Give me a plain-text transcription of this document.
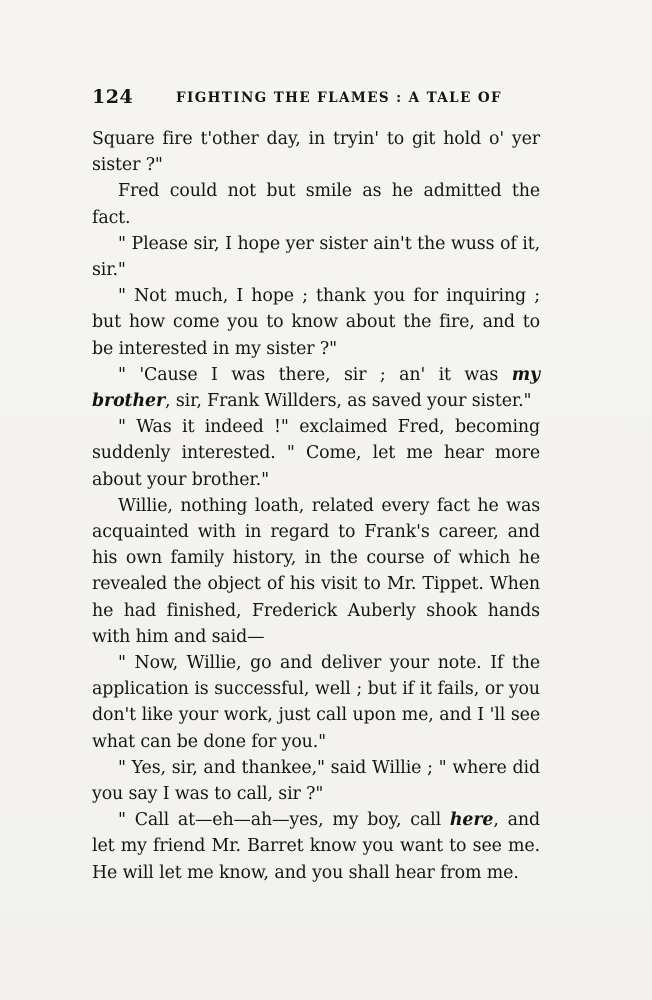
124	FIGHTING THE FLAMES : A TALE OF

Square fire t'other day, in tryin' to git hold o' yer sister ?"

Fred could not but smile as he admitted the fact.

" Please sir, I hope yer sister ain't the wuss of it, sir."

" Not much, I hope ; thank you for inquiring ; but how come you to know about the fire, and to be interested in my sister ?"

" 'Cause I was there, sir ; an' it was my brother, sir, Frank Willders, as saved your sister."

" Was it indeed !" exclaimed Fred, becoming suddenly interested. " Come, let me hear more about your brother."

Willie, nothing loath, related every fact he was acquainted with in regard to Frank's career, and his own family history, in the course of which he revealed the object of his visit to Mr. Tippet. When he had finished, Frederick Auberly shook hands with him and said—

" Now, Willie, go and deliver your note. If the application is successful, well ; but if it fails, or you don't like your work, just call upon me, and I 'll see what can be done for you."

" Yes, sir, and thankee," said Willie ; " where did you say I was to call, sir ?"

" Call at—eh—ah—yes, my boy, call here, and let my friend Mr. Barret know you want to see me. He will let me know, and you shall hear from me.
